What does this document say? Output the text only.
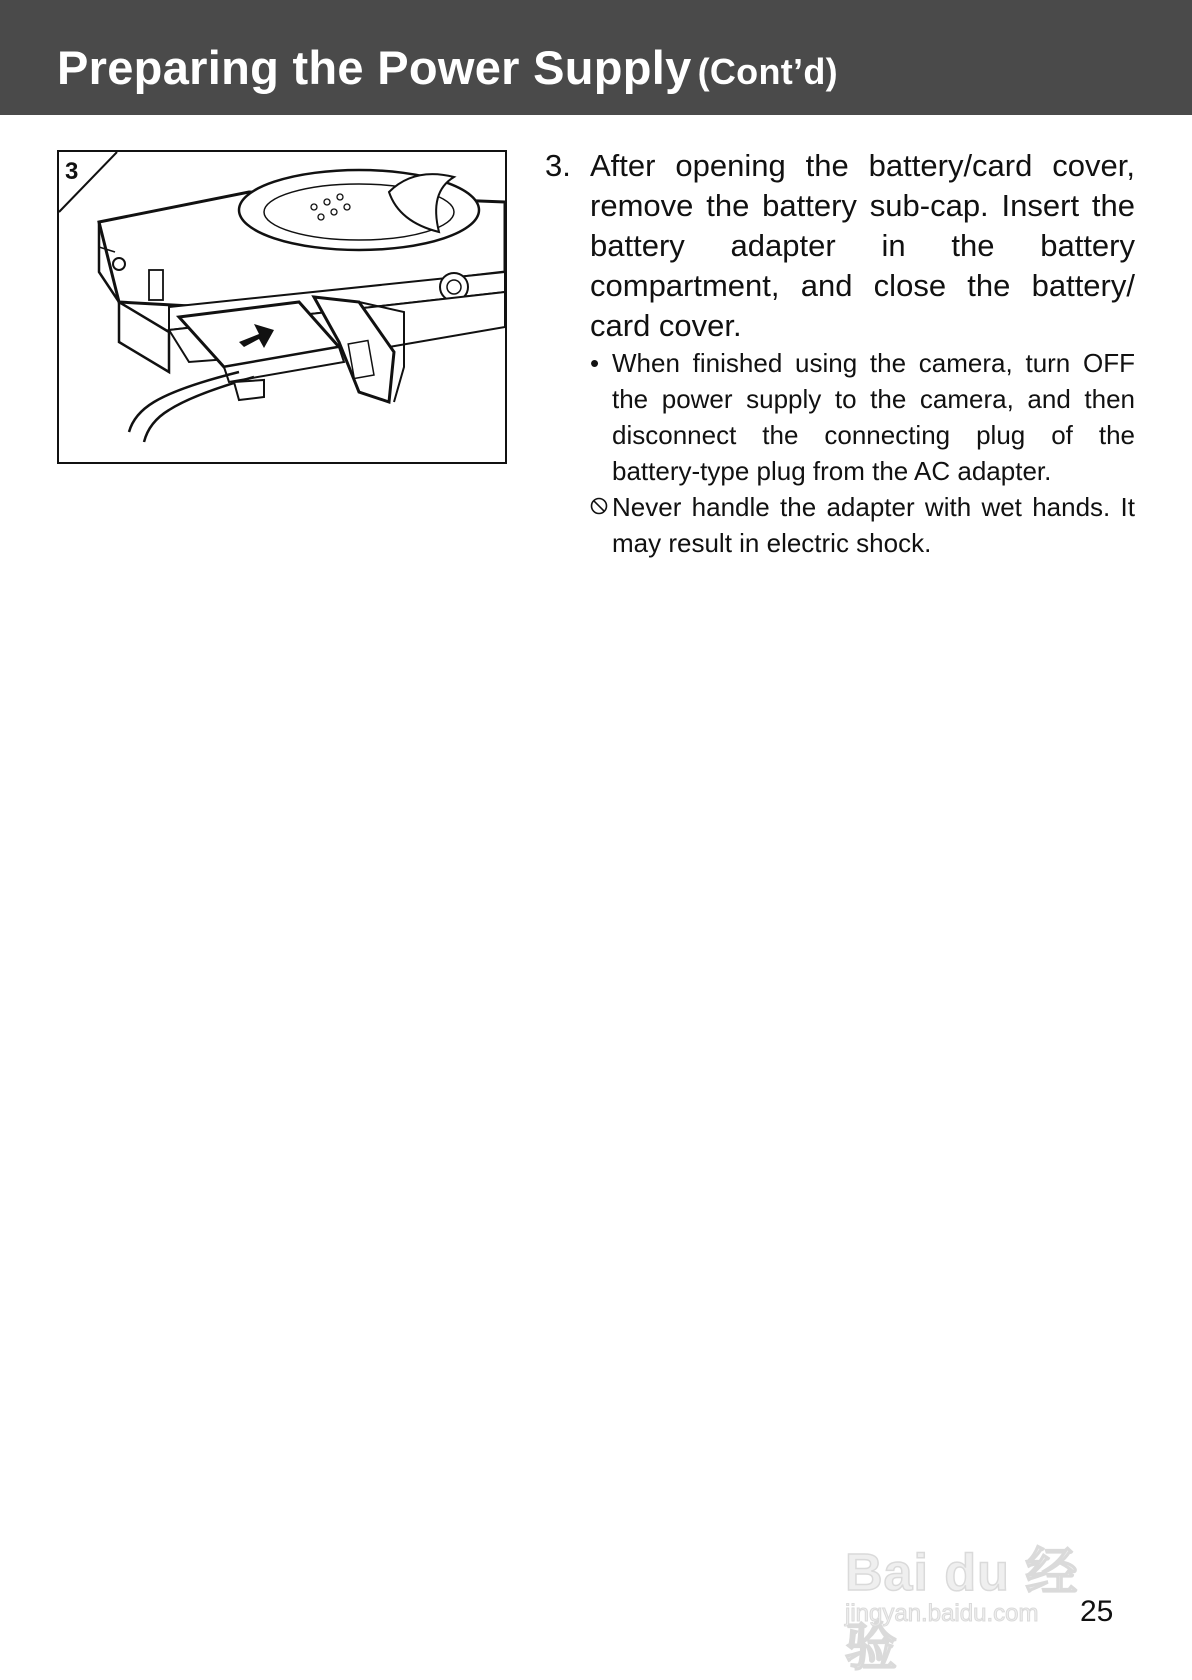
Preparing the Power Supply (Cont’d)
3	3. After opening the battery/card cover, remove the battery sub-cap. Insert the battery adapter in the battery compartment, and close the battery/ card cover.
• When finished using the camera, turn OFF the power supply to the camera, and then disconnect the connecting plug of the battery-type plug from the AC adapter.
Never handle the adapter with wet hands. It may result in electric shock.
Bai du 经验
jingyan.baidu.com 25
